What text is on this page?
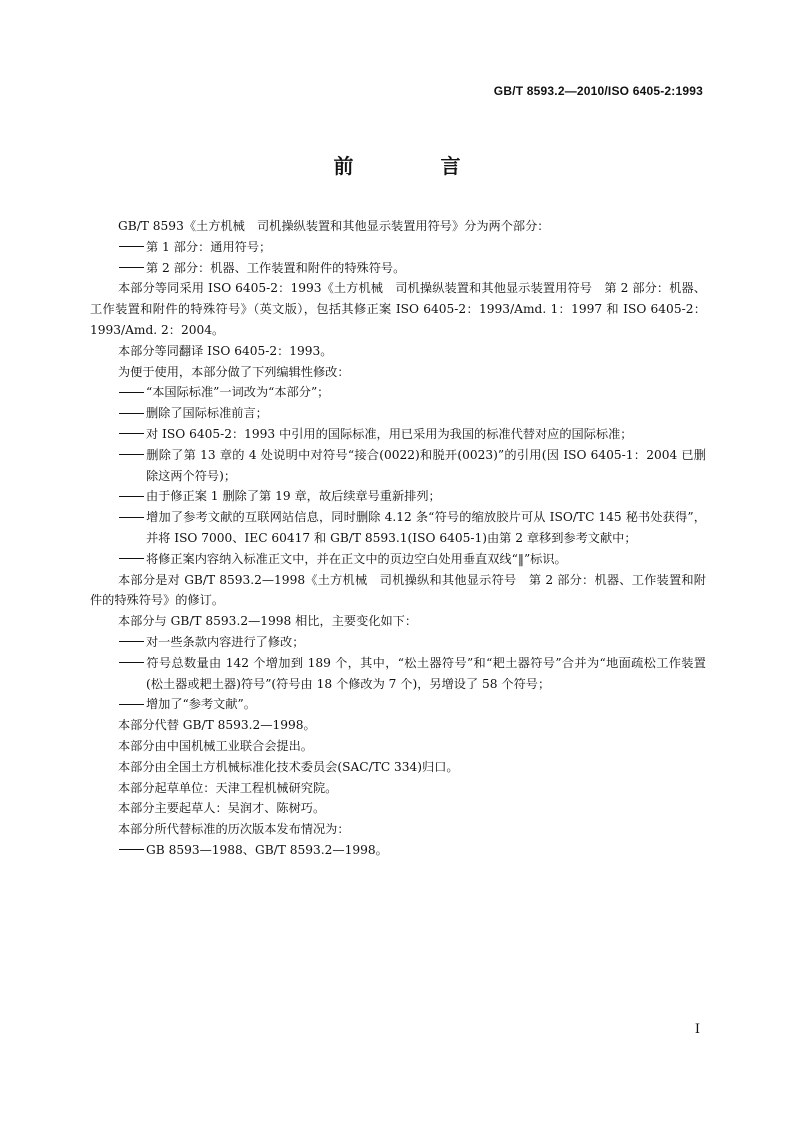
GB/T 8593.2—2010/ISO 6405-2:1993
前 言

GB/T 8593《土方机械　司机操纵装置和其他显示装置用符号》分为两个部分：

第 1 部分：通用符号；

第 2 部分：机器、工作装置和附件的特殊符号。

本部分等同采用 ISO 6405-2：1993《土方机械　司机操纵装置和其他显示装置用符号　第 2 部分：机器、工作装置和附件的特殊符号》（英文版），包括其修正案 ISO 6405-2：1993/Amd. 1：1997 和 ISO 6405-2：1993/Amd. 2：2004。

本部分等同翻译 ISO 6405-2：1993。

为便于使用，本部分做了下列编辑性修改：

“本国际标准”一词改为“本部分”；

删除了国际标准前言；

对 ISO 6405-2：1993 中引用的国际标准，用已采用为我国的标准代替对应的国际标准；

删除了第 13 章的 4 处说明中对符号“接合(0022)和脱开(0023)”的引用(因 ISO 6405-1：2004 已删除这两个符号)；

由于修正案 1 删除了第 19 章，故后续章号重新排列；

增加了参考文献的互联网站信息，同时删除 4.12 条“符号的缩放胶片可从 ISO/TC 145 秘书处获得”，并将 ISO 7000、IEC 60417 和 GB/T 8593.1(ISO 6405-1)由第 2 章移到参考文献中；

将修正案内容纳入标准正文中，并在正文中的页边空白处用垂直双线“‖”标识。

本部分是对 GB/T 8593.2—1998《土方机械　司机操纵和其他显示符号　第 2 部分：机器、工作装置和附件的特殊符号》的修订。

本部分与 GB/T 8593.2—1998 相比，主要变化如下：

对一些条款内容进行了修改；

符号总数量由 142 个增加到 189 个，其中，“松土器符号”和“耙土器符号”合并为“地面疏松工作装置(松土器或耙土器)符号”(符号由 18 个修改为 7 个)，另增设了 58 个符号；

增加了“参考文献”。

本部分代替 GB/T 8593.2—1998。

本部分由中国机械工业联合会提出。

本部分由全国土方机械标准化技术委员会(SAC/TC 334)归口。

本部分起草单位：天津工程机械研究院。

本部分主要起草人：吴润才、陈树巧。

本部分所代替标准的历次版本发布情况为：

GB 8593—1988、GB/T 8593.2—1998。

I
